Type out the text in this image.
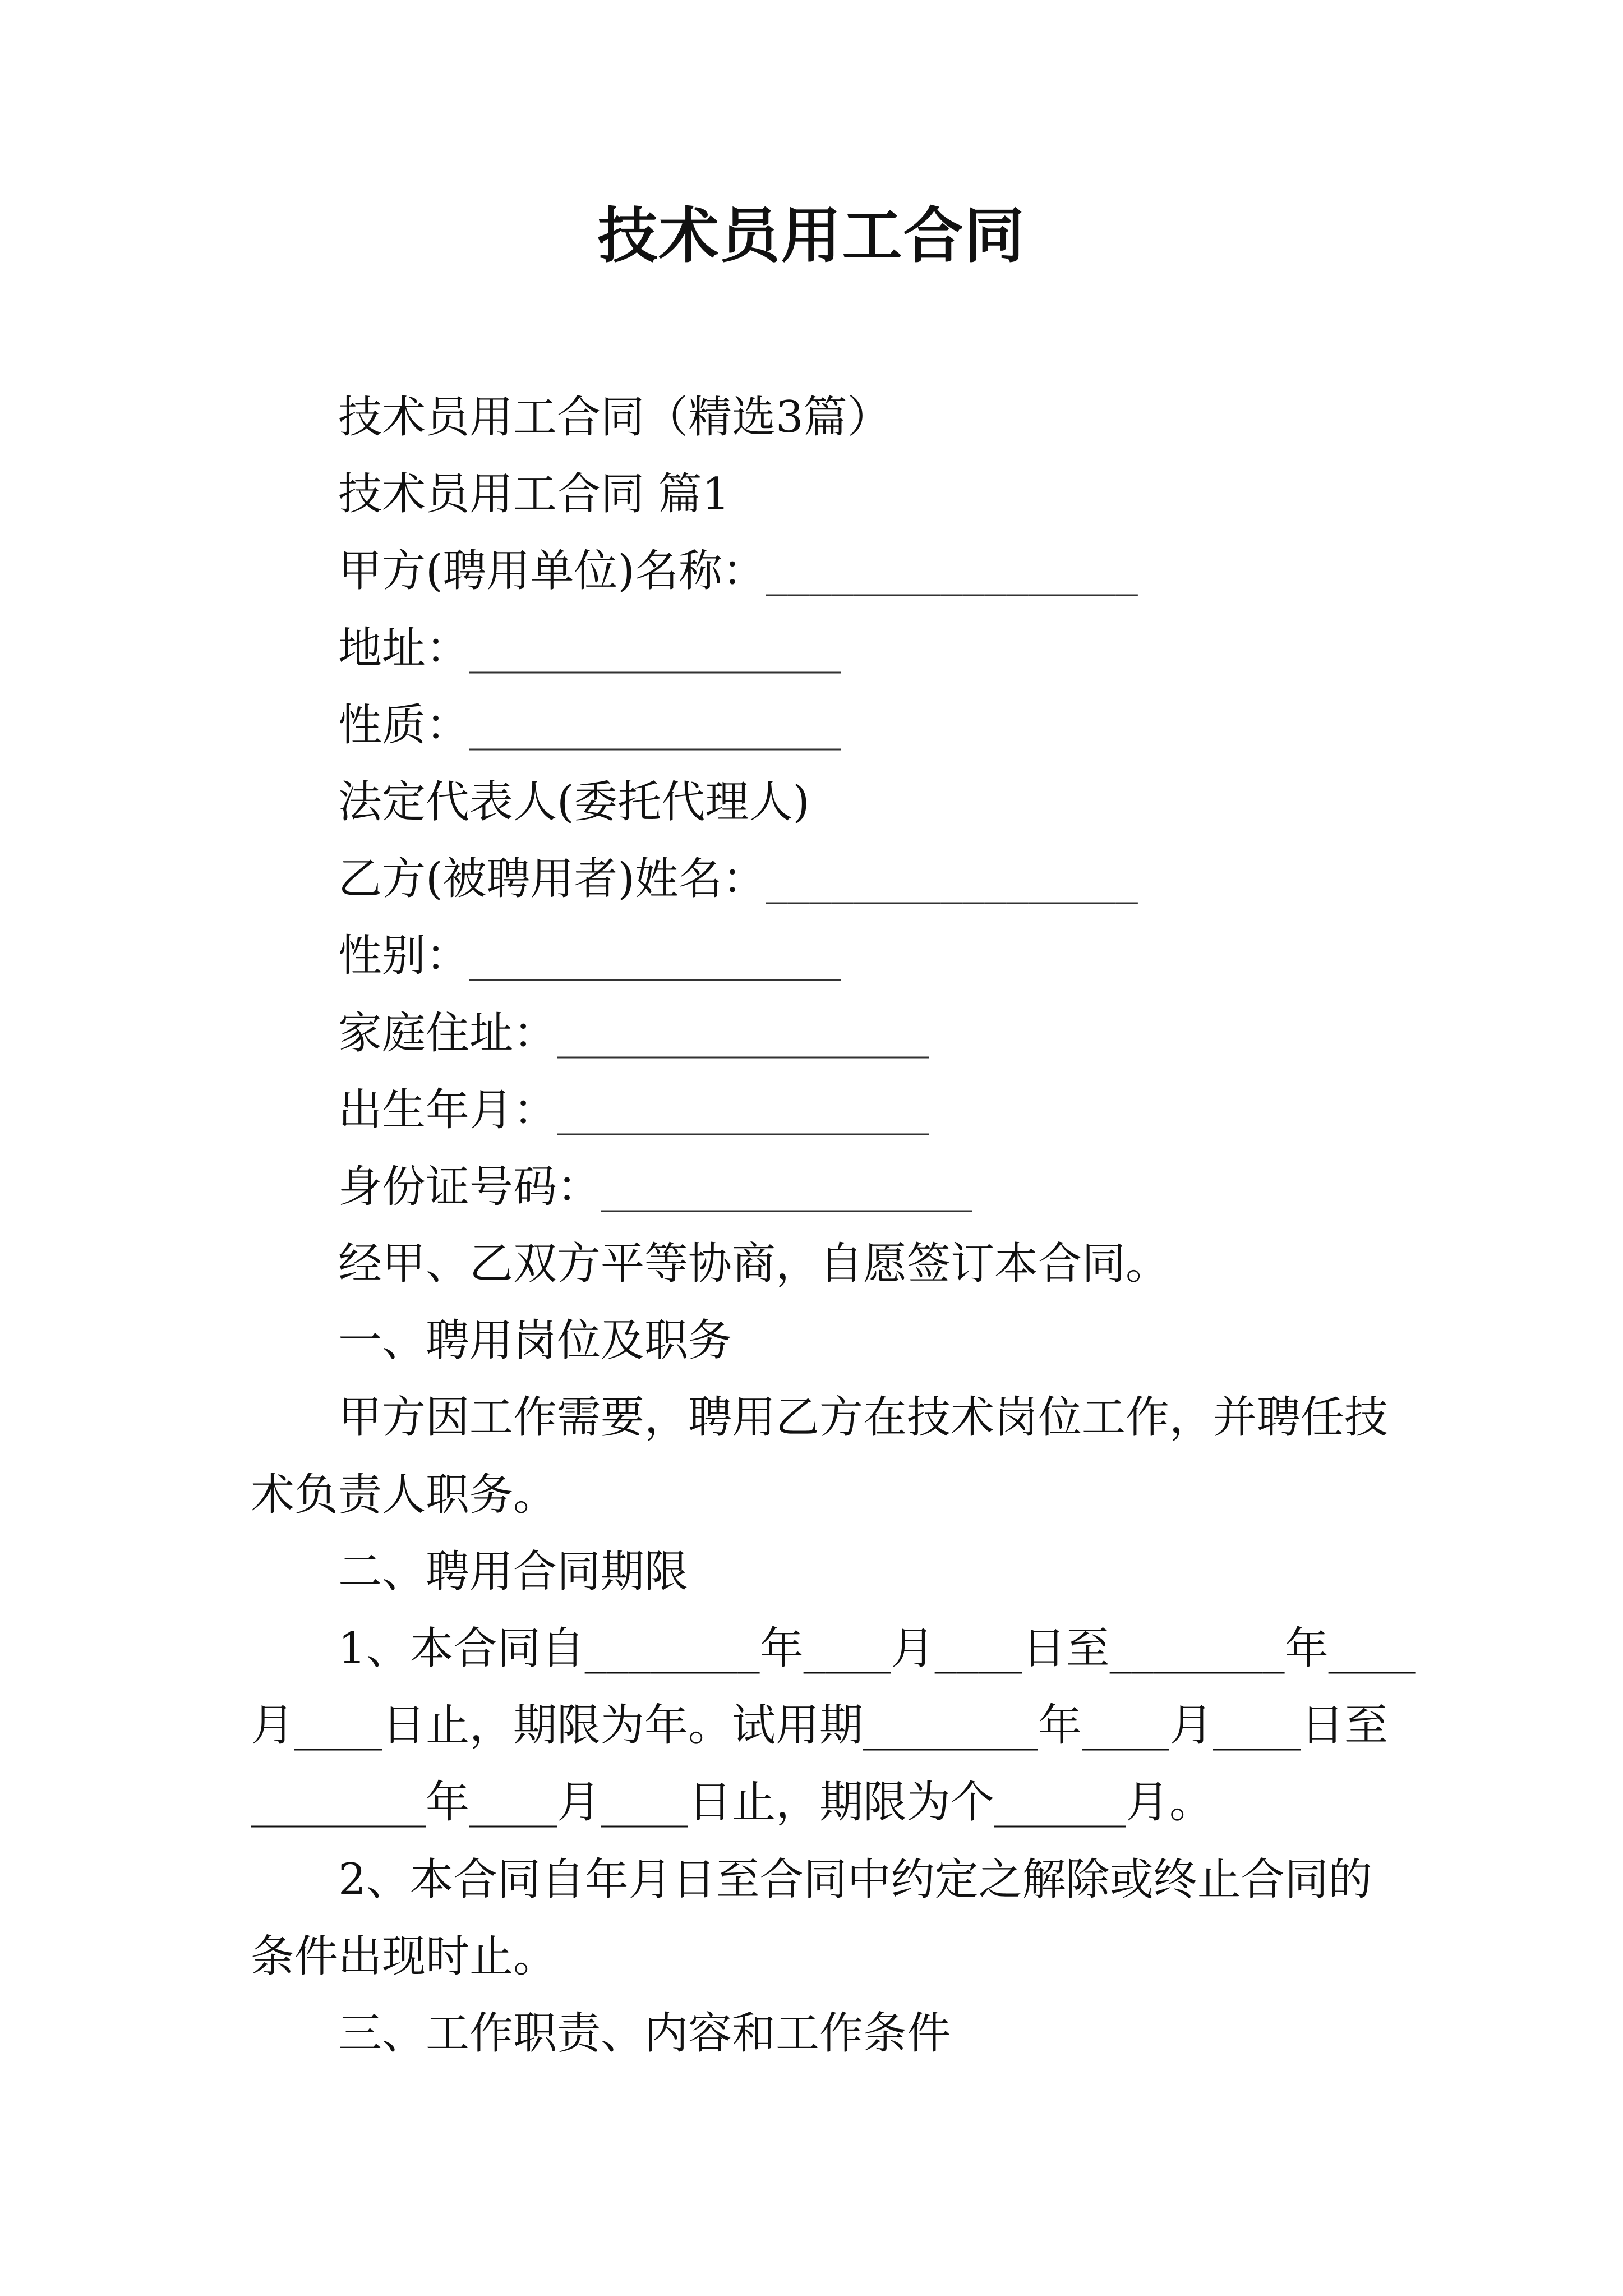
技术员用工合同
技术员用工合同（精选3篇）
技术员用工合同 篇1
甲方(聘用单位)名称：_________________
地址：_________________
性质：_________________
法定代表人(委托代理人)
乙方(被聘用者)姓名：_________________
性别：_________________
家庭住址：_________________
出生年月：_________________
身份证号码：_________________
经甲、乙双方平等协商，自愿签订本合同。
一、聘用岗位及职务
甲方因工作需要，聘用乙方在技术岗位工作，并聘任技
术负责人职务。
二、聘用合同期限
1、本合同自________年____月____日至________年____
月____日止，期限为年。试用期________年____月____日至
________年____月____日止，期限为个______月。
2、本合同自年月日至合同中约定之解除或终止合同的
条件出现时止。
三、工作职责、内容和工作条件
